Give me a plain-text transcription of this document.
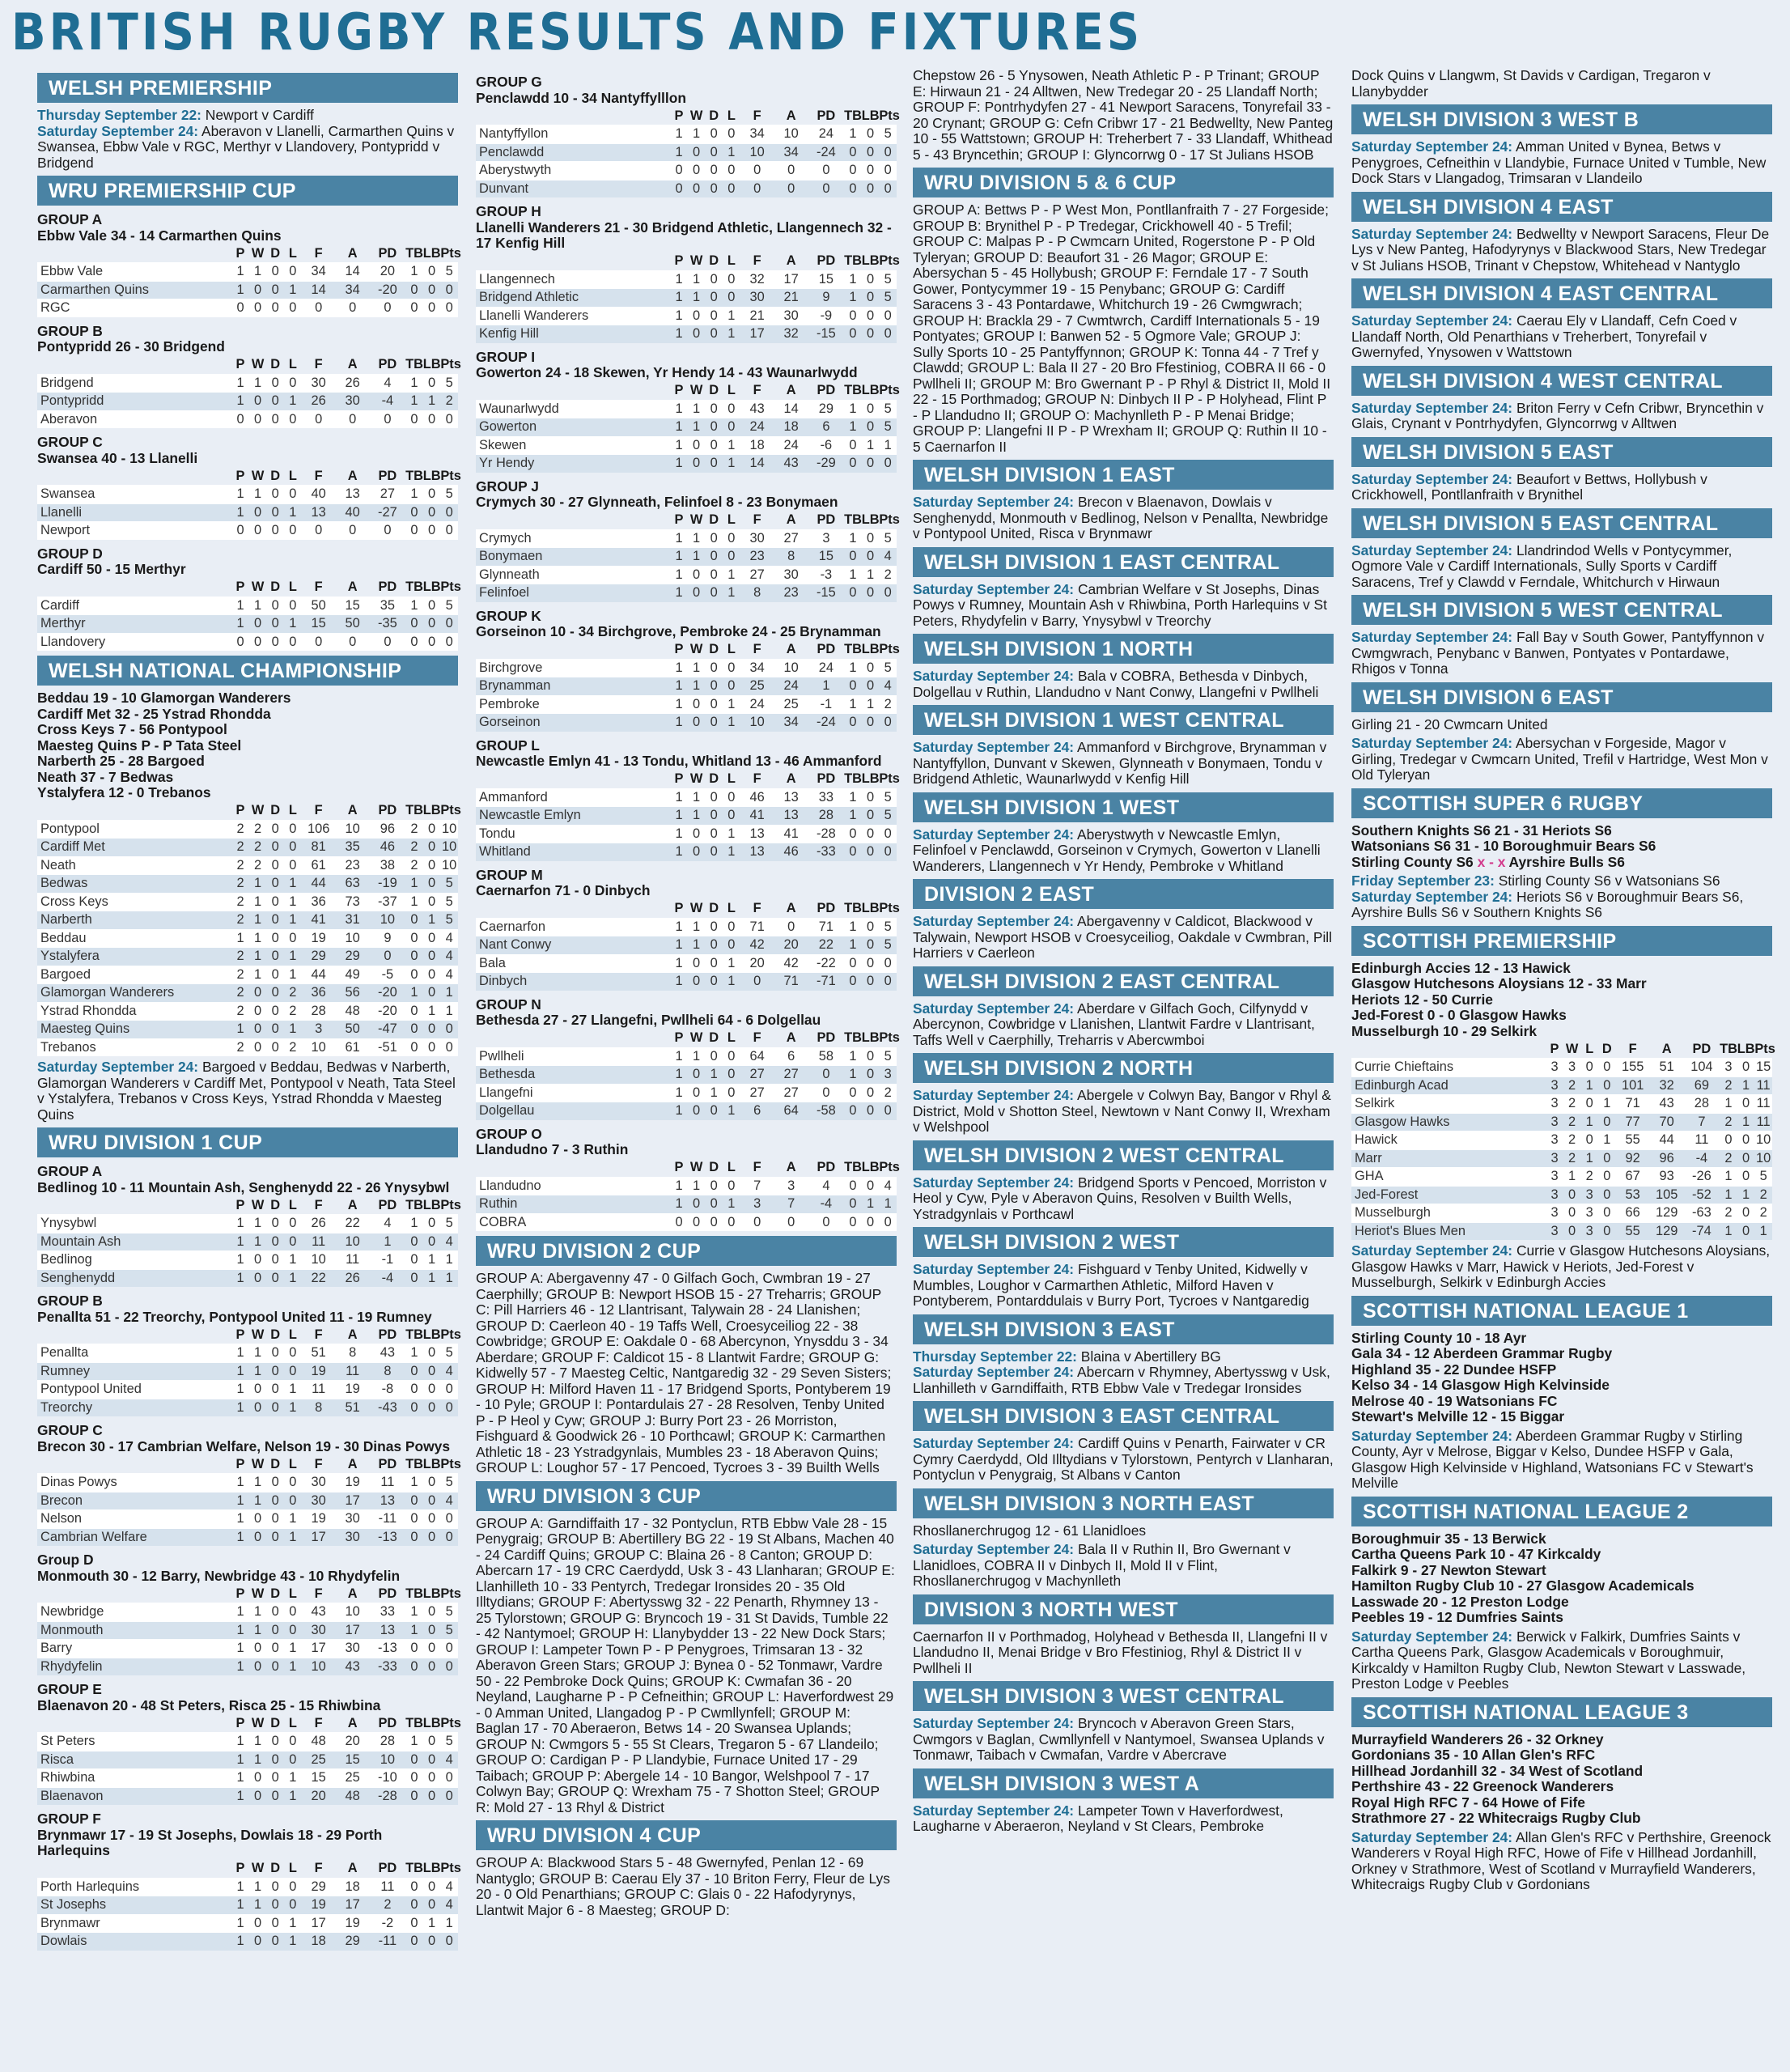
BRITISH RUGBY RESULTS AND FIXTURES
WELSH PREMIERSHIP
Thursday September 22: Newport v Cardiff
Saturday September 24: Aberavon v Llanelli, Carmarthen Quins v Swansea, Ebbw Vale v RGC, Merthyr v Llandovery, Pontypridd v Bridgend
WRU PREMIERSHIP CUP
GROUP A
Ebbw Vale 34 - 14 Carmarthen Quins
	P	W	D	L	F	A	PD	TB	LB	Pts
Ebbw Vale	1	1	0	0	34	14	20	1	0	5
Carmarthen Quins	1	0	0	1	14	34	-20	0	0	0
RGC	0	0	0	0	0	0	0	0	0	0
GROUP B
Pontypridd 26 - 30 Bridgend
	P	W	D	L	F	A	PD	TB	LB	Pts
Bridgend	1	1	0	0	30	26	4	1	0	5
Pontypridd	1	0	0	1	26	30	-4	1	1	2
Aberavon	0	0	0	0	0	0	0	0	0	0
GROUP C
Swansea 40 - 13 Llanelli
	P	W	D	L	F	A	PD	TB	LB	Pts
Swansea	1	1	0	0	40	13	27	1	0	5
Llanelli	1	0	0	1	13	40	-27	0	0	0
Newport	0	0	0	0	0	0	0	0	0	0
GROUP D
Cardiff 50 - 15 Merthyr
	P	W	D	L	F	A	PD	TB	LB	Pts
Cardiff	1	1	0	0	50	15	35	1	0	5
Merthyr	1	0	0	1	15	50	-35	0	0	0
Llandovery	0	0	0	0	0	0	0	0	0	0
WELSH NATIONAL CHAMPIONSHIP
Beddau 19 - 10 Glamorgan Wanderers
Cardiff Met 32 - 25 Ystrad Rhondda
Cross Keys 7 - 56 Pontypool
Maesteg Quins P - P Tata Steel
Narberth 25 - 28 Bargoed
Neath 37 - 7 Bedwas
Ystalyfera 12 - 0 Trebanos
	P	W	D	L	F	A	PD	TB	LB	Pts
Pontypool	2	2	0	0	106	10	96	2	0	10
Cardiff Met	2	2	0	0	81	35	46	2	0	10
Neath	2	2	0	0	61	23	38	2	0	10
Bedwas	2	1	0	1	44	63	-19	1	0	5
Cross Keys	2	1	0	1	36	73	-37	1	0	5
Narberth	2	1	0	1	41	31	10	0	1	5
Beddau	1	1	0	0	19	10	9	0	0	4
Ystalyfera	2	1	0	1	29	29	0	0	0	4
Bargoed	2	1	0	1	44	49	-5	0	0	4
Glamorgan Wanderers	2	0	0	2	36	56	-20	1	0	1
Ystrad Rhondda	2	0	0	2	28	48	-20	0	1	1
Maesteg Quins	1	0	0	1	3	50	-47	0	0	0
Trebanos	2	0	0	2	10	61	-51	0	0	0
Saturday September 24: Bargoed v Beddau, Bedwas v Narberth, Glamorgan Wanderers v Cardiff Met, Pontypool v Neath, Tata Steel v Ystalyfera, Trebanos v Cross Keys, Ystrad Rhondda v Maesteg Quins
WRU DIVISION 1 CUP
GROUP A
Bedlinog 10 - 11 Mountain Ash, Senghenydd 22 - 26 Ynysybwl
	P	W	D	L	F	A	PD	TB	LB	Pts
Ynysybwl	1	1	0	0	26	22	4	1	0	5
Mountain Ash	1	1	0	0	11	10	1	0	0	4
Bedlinog	1	0	0	1	10	11	-1	0	1	1
Senghenydd	1	0	0	1	22	26	-4	0	1	1
GROUP B
Penallta 51 - 22 Treorchy, Pontypool United 11 - 19 Rumney
	P	W	D	L	F	A	PD	TB	LB	Pts
Penallta	1	1	0	0	51	8	43	1	0	5
Rumney	1	1	0	0	19	11	8	0	0	4
Pontypool United	1	0	0	1	11	19	-8	0	0	0
Treorchy	1	0	0	1	8	51	-43	0	0	0
GROUP C
Brecon 30 - 17 Cambrian Welfare, Nelson 19 - 30 Dinas Powys
	P	W	D	L	F	A	PD	TB	LB	Pts
Dinas Powys	1	1	0	0	30	19	11	1	0	5
Brecon	1	1	0	0	30	17	13	0	0	4
Nelson	1	0	0	1	19	30	-11	0	0	0
Cambrian Welfare	1	0	0	1	17	30	-13	0	0	0
Group D
Monmouth 30 - 12 Barry, Newbridge 43 - 10 Rhydyfelin
	P	W	D	L	F	A	PD	TB	LB	Pts
Newbridge	1	1	0	0	43	10	33	1	0	5
Monmouth	1	1	0	0	30	17	13	1	0	5
Barry	1	0	0	1	17	30	-13	0	0	0
Rhydyfelin	1	0	0	1	10	43	-33	0	0	0
GROUP E
Blaenavon 20 - 48 St Peters, Risca 25 - 15 Rhiwbina
	P	W	D	L	F	A	PD	TB	LB	Pts
St Peters	1	1	0	0	48	20	28	1	0	5
Risca	1	1	0	0	25	15	10	0	0	4
Rhiwbina	1	0	0	1	15	25	-10	0	0	0
Blaenavon	1	0	0	1	20	48	-28	0	0	0
GROUP F
Brynmawr 17 - 19 St Josephs, Dowlais 18 - 29 Porth Harlequins
	P	W	D	L	F	A	PD	TB	LB	Pts
Porth Harlequins	1	1	0	0	29	18	11	0	0	4
St Josephs	1	1	0	0	19	17	2	0	0	4
Brynmawr	1	0	0	1	17	19	-2	0	1	1
Dowlais	1	0	0	1	18	29	-11	0	0	0
GROUP G
Penclawdd 10 - 34 Nantyffylllon
	P	W	D	L	F	A	PD	TB	LB	Pts
Nantyffyllon	1	1	0	0	34	10	24	1	0	5
Penclawdd	1	0	0	1	10	34	-24	0	0	0
Aberystwyth	0	0	0	0	0	0	0	0	0	0
Dunvant	0	0	0	0	0	0	0	0	0	0
GROUP H
Llanelli Wanderers 21 - 30 Bridgend Athletic, Llangennech 32 - 17 Kenfig Hill
	P	W	D	L	F	A	PD	TB	LB	Pts
Llangennech	1	1	0	0	32	17	15	1	0	5
Bridgend Athletic	1	1	0	0	30	21	9	1	0	5
Llanelli Wanderers	1	0	0	1	21	30	-9	0	0	0
Kenfig Hill	1	0	0	1	17	32	-15	0	0	0
GROUP I
Gowerton 24 - 18 Skewen, Yr Hendy 14 - 43 Waunarlwydd
	P	W	D	L	F	A	PD	TB	LB	Pts
Waunarlwydd	1	1	0	0	43	14	29	1	0	5
Gowerton	1	1	0	0	24	18	6	1	0	5
Skewen	1	0	0	1	18	24	-6	0	1	1
Yr Hendy	1	0	0	1	14	43	-29	0	0	0
GROUP J
Crymych 30 - 27 Glynneath, Felinfoel 8 - 23 Bonymaen
	P	W	D	L	F	A	PD	TB	LB	Pts
Crymych	1	1	0	0	30	27	3	1	0	5
Bonymaen	1	1	0	0	23	8	15	0	0	4
Glynneath	1	0	0	1	27	30	-3	1	1	2
Felinfoel	1	0	0	1	8	23	-15	0	0	0
GROUP K
Gorseinon 10 - 34 Birchgrove, Pembroke 24 - 25 Brynamman
	P	W	D	L	F	A	PD	TB	LB	Pts
Birchgrove	1	1	0	0	34	10	24	1	0	5
Brynamman	1	1	0	0	25	24	1	0	0	4
Pembroke	1	0	0	1	24	25	-1	1	1	2
Gorseinon	1	0	0	1	10	34	-24	0	0	0
GROUP L
Newcastle Emlyn 41 - 13 Tondu, Whitland 13 - 46 Ammanford
	P	W	D	L	F	A	PD	TB	LB	Pts
Ammanford	1	1	0	0	46	13	33	1	0	5
Newcastle Emlyn	1	1	0	0	41	13	28	1	0	5
Tondu	1	0	0	1	13	41	-28	0	0	0
Whitland	1	0	0	1	13	46	-33	0	0	0
GROUP M
Caernarfon 71 - 0 Dinbych
	P	W	D	L	F	A	PD	TB	LB	Pts
Caernarfon	1	1	0	0	71	0	71	1	0	5
Nant Conwy	1	1	0	0	42	20	22	1	0	5
Bala	1	0	0	1	20	42	-22	0	0	0
Dinbych	1	0	0	1	0	71	-71	0	0	0
GROUP N
Bethesda 27 - 27 Llangefni, Pwllheli 64 - 6 Dolgellau
	P	W	D	L	F	A	PD	TB	LB	Pts
Pwllheli	1	1	0	0	64	6	58	1	0	5
Bethesda	1	0	1	0	27	27	0	1	0	3
Llangefni	1	0	1	0	27	27	0	0	0	2
Dolgellau	1	0	0	1	6	64	-58	0	0	0
GROUP O
Llandudno 7 - 3 Ruthin
	P	W	D	L	F	A	PD	TB	LB	Pts
Llandudno	1	1	0	0	7	3	4	0	0	4
Ruthin	1	0	0	1	3	7	-4	0	1	1
COBRA	0	0	0	0	0	0	0	0	0	0
WRU DIVISION 2 CUP
GROUP A: Abergavenny 47 - 0 Gilfach Goch, Cwmbran 19 - 27 Caerphilly; GROUP B: Newport HSOB 15 - 27 Treharris; GROUP C: Pill Harriers 46 - 12 Llantrisant, Talywain 28 - 24 Llanishen; GROUP D: Caerleon 40 - 19 Taffs Well, Croesyceiliog 22 - 38 Cowbridge; GROUP E: Oakdale 0 - 68 Abercynon, Ynysddu 3 - 34 Aberdare; GROUP F: Caldicot 15 - 8 Llantwit Fardre; GROUP G: Kidwelly 57 - 7 Maesteg Celtic, Nantgaredig 32 - 29 Seven Sisters; GROUP H: Milford Haven 11 - 17 Bridgend Sports, Pontyberem 19 - 10 Pyle; GROUP I: Pontardulais 27 - 28 Resolven, Tenby United P - P Heol y Cyw; GROUP J: Burry Port 23 - 26 Morriston, Fishguard & Goodwick 26 - 10 Porthcawl; GROUP K: Carmarthen Athletic 18 - 23 Ystradgynlais, Mumbles 23 - 18 Aberavon Quins; GROUP L: Loughor 57 - 17 Pencoed, Tycroes 3 - 39 Builth Wells
WRU DIVISION 3 CUP
GROUP A: Garndiffaith 17 - 32 Pontyclun, RTB Ebbw Vale 28 - 15 Penygraig; GROUP B: Abertillery BG 22 - 19 St Albans, Machen 40 - 24 Cardiff Quins; GROUP C: Blaina 26 - 8 Canton; GROUP D: Abercarn 17 - 19 CRC Caerdydd, Usk 3 - 43 Llanharan; GROUP E: Llanhilleth 10 - 33 Pentyrch, Tredegar Ironsides 20 - 35 Old Illtydians; GROUP F: Abertysswg 32 - 22 Penarth, Rhymney 13 - 25 Tylorstown; GROUP G: Bryncoch 19 - 31 St Davids, Tumble 22 - 42 Nantymoel; GROUP H: Llanybydder 13 - 22 New Dock Stars; GROUP I: Lampeter Town P - P Penygroes, Trimsaran 13 - 32 Aberavon Green Stars; GROUP J: Bynea 0 - 52 Tonmawr, Vardre 50 - 22 Pembroke Dock Quins; GROUP K: Cwmafan 36 - 20 Neyland, Laugharne P - P Cefneithin; GROUP L: Haverfordwest 29 - 0 Amman United, Llangadog P - P Cwmllynfell; GROUP M: Baglan 17 - 70 Aberaeron, Betws 14 - 20 Swansea Uplands; GROUP N: Cwmgors 5 - 55 St Clears, Tregaron 5 - 67 Llandeilo; GROUP O: Cardigan P - P Llandybie, Furnace United 17 - 29 Taibach; GROUP P: Abergele 14 - 10 Bangor, Welshpool 7 - 17 Colwyn Bay; GROUP Q: Wrexham 75 - 7 Shotton Steel; GROUP R: Mold 27 - 13 Rhyl & District
WRU DIVISION 4 CUP
GROUP A: Blackwood Stars 5 - 48 Gwernyfed, Penlan 12 - 69 Nantyglo; GROUP B: Caerau Ely 37 - 10 Briton Ferry, Fleur de Lys 20 - 0 Old Penarthians; GROUP C: Glais 0 - 22 Hafodyrynys, Llantwit Major 6 - 8 Maesteg; GROUP D:
Chepstow 26 - 5 Ynysowen, Neath Athletic P - P Trinant; GROUP E: Hirwaun 21 - 24 Alltwen, New Tredegar 20 - 25 Llandaff North; GROUP F: Pontrhydyfen 27 - 41 Newport Saracens, Tonyrefail 33 - 20 Crynant; GROUP G: Cefn Cribwr 17 - 21 Bedwellty, New Panteg 10 - 55 Wattstown; GROUP H: Treherbert 7 - 33 Llandaff, Whithead 5 - 43 Bryncethin; GROUP I: Glyncorrwg 0 - 17 St Julians HSOB
WRU DIVISION 5 & 6 CUP
GROUP A: Bettws P - P West Mon, Pontllanfraith 7 - 27 Forgeside; GROUP B: Brynithel P - P Tredegar, Crickhowell 40 - 5 Trefil; GROUP C: Malpas P - P Cwmcarn United, Rogerstone P - P Old Tyleryan; GROUP D: Beaufort 31 - 26 Magor; GROUP E: Abersychan 5 - 45 Hollybush; GROUP F: Ferndale 17 - 7 South Gower, Pontycymmer 19 - 15 Penybanc; GROUP G: Cardiff Saracens 3 - 43 Pontardawe, Whitchurch 19 - 26 Cwmgwrach; GROUP H: Brackla 29 - 7 Cwmtwrch, Cardiff Internationals 5 - 19 Pontyates; GROUP I: Banwen 52 - 5 Ogmore Vale; GROUP J: Sully Sports 10 - 25 Pantyffynnon; GROUP K: Tonna 44 - 7 Tref y Clawdd; GROUP L: Bala II 27 - 20 Bro Ffestiniog, COBRA II 66 - 0 Pwllheli II; GROUP M: Bro Gwernant P - P Rhyl & District II, Mold II 22 - 15 Porthmadog; GROUP N: Dinbych II P - P Holyhead, Flint P - P Llandudno II; GROUP O: Machynlleth P - P Menai Bridge; GROUP P: Llangefni II P - P Wrexham II; GROUP Q: Ruthin II 10 - 5 Caernarfon II
WELSH DIVISION 1 EAST
Saturday September 24: Brecon v Blaenavon, Dowlais v Senghenydd, Monmouth v Bedlinog, Nelson v Penallta, Newbridge v Pontypool United, Risca v Brynmawr
WELSH DIVISION 1 EAST CENTRAL
Saturday September 24: Cambrian Welfare v St Josephs, Dinas Powys v Rumney, Mountain Ash v Rhiwbina, Porth Harlequins v St Peters, Rhydyfelin v Barry, Ynysybwl v Treorchy
WELSH DIVISION 1 NORTH
Saturday September 24: Bala v COBRA, Bethesda v Dinbych, Dolgellau v Ruthin, Llandudno v Nant Conwy, Llangefni v Pwllheli
WELSH DIVISION 1 WEST CENTRAL
Saturday September 24: Ammanford v Birchgrove, Brynamman v Nantyffyllon, Dunvant v Skewen, Glynneath v Bonymaen, Tondu v Bridgend Athletic, Waunarlwydd v Kenfig Hill
WELSH DIVISION 1 WEST
Saturday September 24: Aberystwyth v Newcastle Emlyn, Felinfoel v Penclawdd, Gorseinon v Crymych, Gowerton v Llanelli Wanderers, Llangennech v Yr Hendy, Pembroke v Whitland
DIVISION 2 EAST
Saturday September 24: Abergavenny v Caldicot, Blackwood v Talywain, Newport HSOB v Croesyceiliog, Oakdale v Cwmbran, Pill Harriers v Caerleon
WELSH DIVISION 2 EAST CENTRAL
Saturday September 24: Aberdare v Gilfach Goch, Cilfynydd v Abercynon, Cowbridge v Llanishen, Llantwit Fardre v Llantrisant, Taffs Well v Caerphilly, Treharris v Abercwmboi
WELSH DIVISION 2 NORTH
Saturday September 24: Abergele v Colwyn Bay, Bangor v Rhyl & District, Mold v Shotton Steel, Newtown v Nant Conwy II, Wrexham v Welshpool
WELSH DIVISION 2 WEST CENTRAL
Saturday September 24: Bridgend Sports v Pencoed, Morriston v Heol y Cyw, Pyle v Aberavon Quins, Resolven v Builth Wells, Ystradgynlais v Porthcawl
WELSH DIVISION 2 WEST
Saturday September 24: Fishguard v Tenby United, Kidwelly v Mumbles, Loughor v Carmarthen Athletic, Milford Haven v Pontyberem, Pontarddulais v Burry Port, Tycroes v Nantgaredig
WELSH DIVISION 3 EAST
Thursday September 22: Blaina v Abertillery BG
Saturday September 24: Abercarn v Rhymney, Abertysswg v Usk, Llanhilleth v Garndiffaith, RTB Ebbw Vale v Tredegar Ironsides
WELSH DIVISION 3 EAST CENTRAL
Saturday September 24: Cardiff Quins v Penarth, Fairwater v CR Cymry Caerdydd, Old Illtydians v Tylorstown, Pentyrch v Llanharan, Pontyclun v Penygraig, St Albans v Canton
WELSH DIVISION 3 NORTH EAST
Rhosllanerchrugog 12 - 61 Llanidloes
Saturday September 24: Bala II v Ruthin II, Bro Gwernant v Llanidloes, COBRA II v Dinbych II, Mold II v Flint, Rhosllanerchrugog v Machynlleth
DIVISION 3 NORTH WEST
Caernarfon II v Porthmadog, Holyhead v Bethesda II, Llangefni II v Llandudno II, Menai Bridge v Bro Ffestiniog, Rhyl & District II v Pwllheli II
WELSH DIVISION 3 WEST CENTRAL
Saturday September 24: Bryncoch v Aberavon Green Stars, Cwmgors v Baglan, Cwmllynfell v Nantymoel, Swansea Uplands v Tonmawr, Taibach v Cwmafan, Vardre v Abercrave
WELSH DIVISION 3 WEST A
Saturday September 24: Lampeter Town v Haverfordwest, Laugharne v Aberaeron, Neyland v St Clears, Pembroke
Dock Quins v Llangwm, St Davids v Cardigan, Tregaron v Llanybydder
WELSH DIVISION 3 WEST B
Saturday September 24: Amman United v Bynea, Betws v Penygroes, Cefneithin v Llandybie, Furnace United v Tumble, New Dock Stars v Llangadog, Trimsaran v Llandeilo
WELSH DIVISION 4 EAST
Saturday September 24: Bedwellty v Newport Saracens, Fleur De Lys v New Panteg, Hafodyrynys v Blackwood Stars, New Tredegar v St Julians HSOB, Trinant v Chepstow, Whitehead v Nantyglo
WELSH DIVISION 4 EAST CENTRAL
Saturday September 24: Caerau Ely v Llandaff, Cefn Coed v Llandaff North, Old Penarthians v Treherbert, Tonyrefail v Gwernyfed, Ynysowen v Wattstown
WELSH DIVISION 4 WEST CENTRAL
Saturday September 24: Briton Ferry v Cefn Cribwr, Bryncethin v Glais, Crynant v Pontrhydyfen, Glyncorrwg v Alltwen
WELSH DIVISION 5 EAST
Saturday September 24: Beaufort v Bettws, Hollybush v Crickhowell, Pontllanfraith v Brynithel
WELSH DIVISION 5 EAST CENTRAL
Saturday September 24: Llandrindod Wells v Pontycymmer, Ogmore Vale v Cardiff Internationals, Sully Sports v Cardiff Saracens, Tref y Clawdd v Ferndale, Whitchurch v Hirwaun
WELSH DIVISION 5 WEST CENTRAL
Saturday September 24: Fall Bay v South Gower, Pantyffynnon v Cwmgwrach, Penybanc v Banwen, Pontyates v Pontardawe, Rhigos v Tonna
WELSH DIVISION 6 EAST
Girling 21 - 20 Cwmcarn United
Saturday September 24: Abersychan v Forgeside, Magor v Girling, Tredegar v Cwmcarn United, Trefil v Hartridge, West Mon v Old Tyleryan
SCOTTISH SUPER 6 RUGBY
Southern Knights S6 21 - 31 Heriots S6
Watsonians S6 31 - 10 Boroughmuir Bears S6
Stirling County S6 x - x Ayrshire Bulls S6
Friday September 23: Stirling County S6 v Watsonians S6
Saturday September 24: Heriots S6 v Boroughmuir Bears S6, Ayrshire Bulls S6 v Southern Knights S6
SCOTTISH PREMIERSHIP
Edinburgh Accies 12 - 13 Hawick
Glasgow Hutchesons Aloysians 12 - 33 Marr
Heriots 12 - 50 Currie
Jed-Forest 0 - 0 Glasgow Hawks
Musselburgh 10 - 29 Selkirk
	P	W	L	D	F	A	PD	TB	LB	Pts
Currie Chieftains	3	3	0	0	155	51	104	3	0	15
Edinburgh Acad	3	2	1	0	101	32	69	2	1	11
Selkirk	3	2	0	1	71	43	28	1	0	11
Glasgow Hawks	3	2	1	0	77	70	7	2	1	11
Hawick	3	2	0	1	55	44	11	0	0	10
Marr	3	2	1	0	92	96	-4	2	0	10
GHA	3	1	2	0	67	93	-26	1	0	5
Jed-Forest	3	0	3	0	53	105	-52	1	1	2
Musselburgh	3	0	3	0	66	129	-63	2	0	2
Heriot's Blues Men	3	0	3	0	55	129	-74	1	0	1
Saturday September 24: Currie v Glasgow Hutchesons Aloysians, Glasgow Hawks v Marr, Hawick v Heriots, Jed-Forest v Musselburgh, Selkirk v Edinburgh Accies
SCOTTISH NATIONAL LEAGUE 1
Stirling County 10 - 18 Ayr
Gala 34 - 12 Aberdeen Grammar Rugby
Highland 35 - 22 Dundee HSFP
Kelso 34 - 14 Glasgow High Kelvinside
Melrose 40 - 19 Watsonians FC
Stewart's Melville 12 - 15 Biggar
Saturday September 24: Aberdeen Grammar Rugby v Stirling County, Ayr v Melrose, Biggar v Kelso, Dundee HSFP v Gala, Glasgow High Kelvinside v Highland, Watsonians FC v Stewart's Melville
SCOTTISH NATIONAL LEAGUE 2
Boroughmuir 35 - 13 Berwick
Cartha Queens Park 10 - 47 Kirkcaldy
Falkirk 9 - 27 Newton Stewart
Hamilton Rugby Club 10 - 27 Glasgow Academicals
Lasswade 20 - 12 Preston Lodge
Peebles 19 - 12 Dumfries Saints
Saturday September 24: Berwick v Falkirk, Dumfries Saints v Cartha Queens Park, Glasgow Academicals v Boroughmuir, Kirkcaldy v Hamilton Rugby Club, Newton Stewart v Lasswade, Preston Lodge v Peebles
SCOTTISH NATIONAL LEAGUE 3
Murrayfield Wanderers 26 - 32 Orkney
Gordonians 35 - 10 Allan Glen's RFC
Hillhead Jordanhill 32 - 34 West of Scotland
Perthshire 43 - 22 Greenock Wanderers
Royal High RFC 7 - 64 Howe of Fife
Strathmore 27 - 22 Whitecraigs Rugby Club
Saturday September 24: Allan Glen's RFC v Perthshire, Greenock Wanderers v Royal High RFC, Howe of Fife v Hillhead Jordanhill, Orkney v Strathmore, West of Scotland v Murrayfield Wanderers, Whitecraigs Rugby Club v Gordonians
